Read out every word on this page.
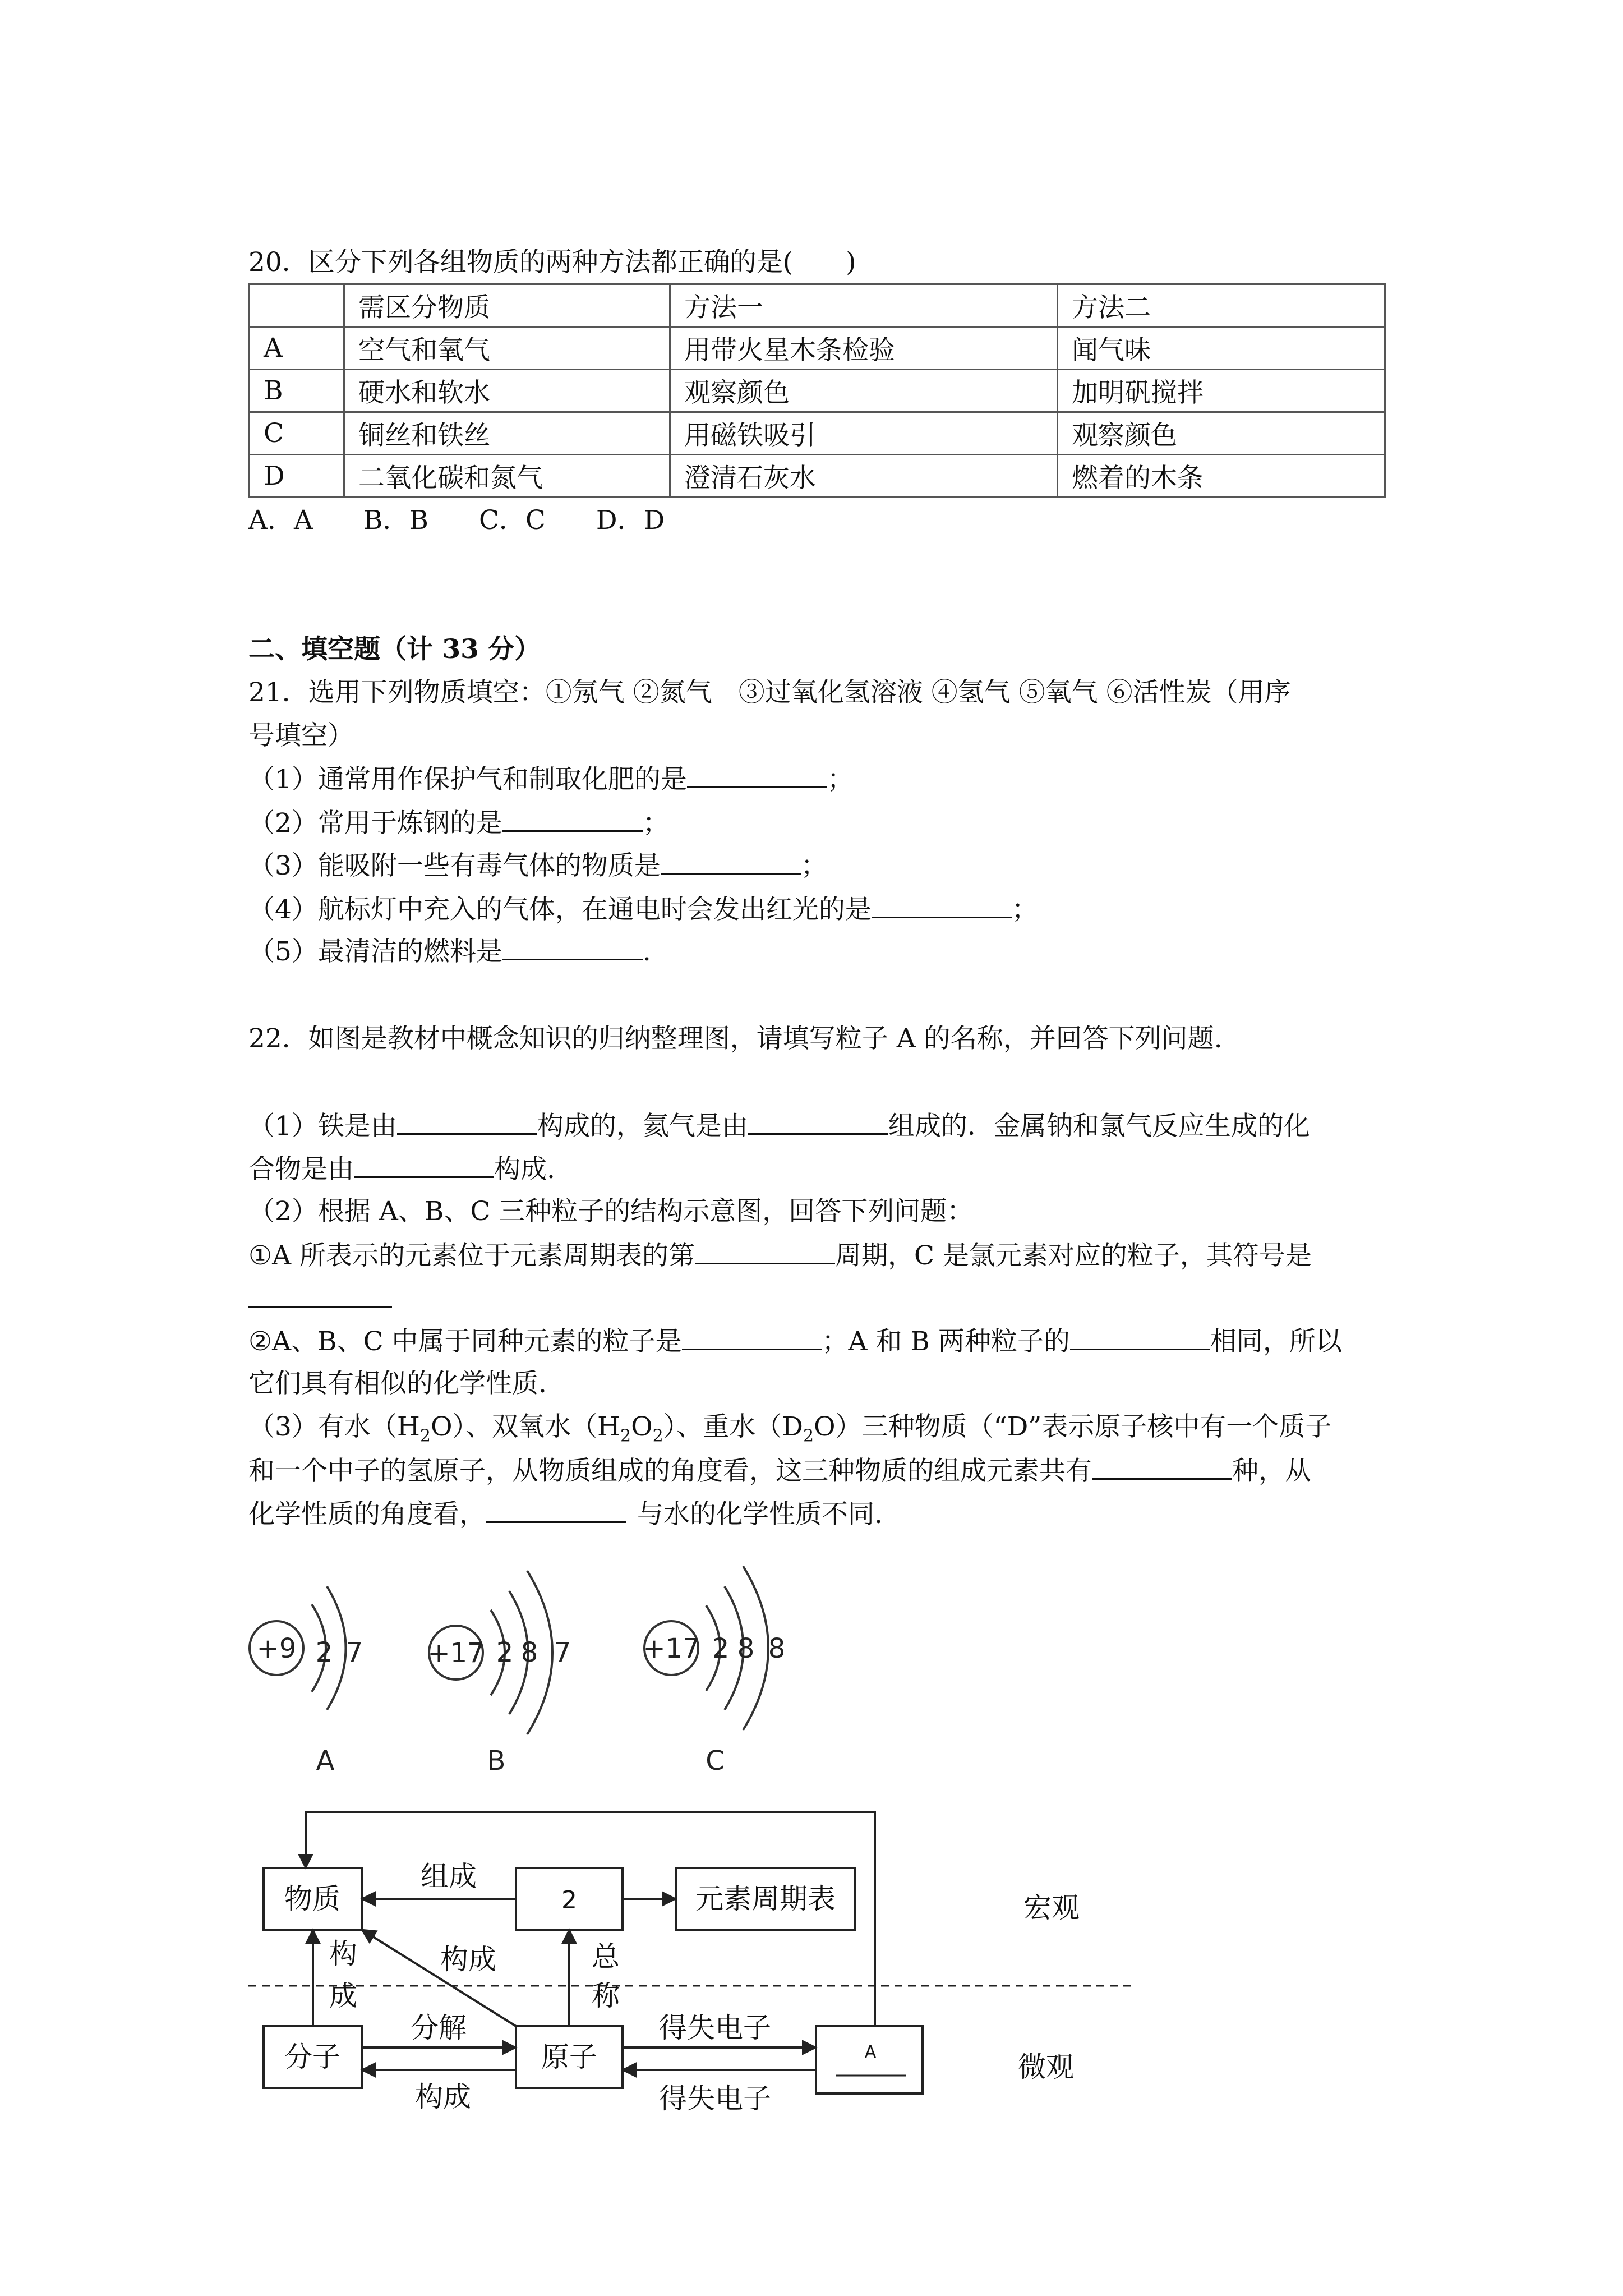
20．区分下列各组物质的两种方法都正确的是(　　)
	需区分物质	方法一	方法二
A	空气和氧气	用带火星木条检验	闻气味
B	硬水和软水	观察颜色	加明矾搅拌
C	铜丝和铁丝	用磁铁吸引	观察颜色
D	二氧化碳和氮气	澄清石灰水	燃着的木条
A．A B．B C．C D．D
二、填空题（计 33 分）
21．选用下列物质填空：①氖气 ②氮气　③过氧化氢溶液 ④氢气 ⑤氧气 ⑥活性炭（用序
号填空）
（1）通常用作保护气和制取化肥的是	；
（2）常用于炼钢的是	；
（3）能吸附一些有毒气体的物质是	；
（4）航标灯中充入的气体，在通电时会发出红光的是	；
（5）最清洁的燃料是	.
22．如图是教材中概念知识的归纳整理图，请填写粒子 A 的名称，并回答下列问题.
（1）铁是由	构成的，氦气是由	组成的．金属钠和氯气反应生成的化
合物是由	构成.
（2）根据 A、B、C 三种粒子的结构示意图，回答下列问题：
①A 所表示的元素位于元素周期表的第	周期，C 是氯元素对应的粒子，其符号是
②A、B、C 中属于同种元素的粒子是	；A 和 B 两种粒子的	相同，所以
它们具有相似的化学性质.
（3）有水$(H_2O)$、双氧水$(H_2O_2)$、重水$(D_2O)$三种物质（“D”表示原子核中有一个质子
和一个中子的氢原子，从物质组成的角度看，这三种物质的组成元素共有	种，从
化学性质的角度看，	与水的化学性质不同.
+9 2 7 +17 2 8 7	+17 2 8 8
A	B	C
物质	2	元素周期表
分子	原子	A
组成
构成
构
成
总
称
分解
构成
得失电子
得失电子
宏观
微观
